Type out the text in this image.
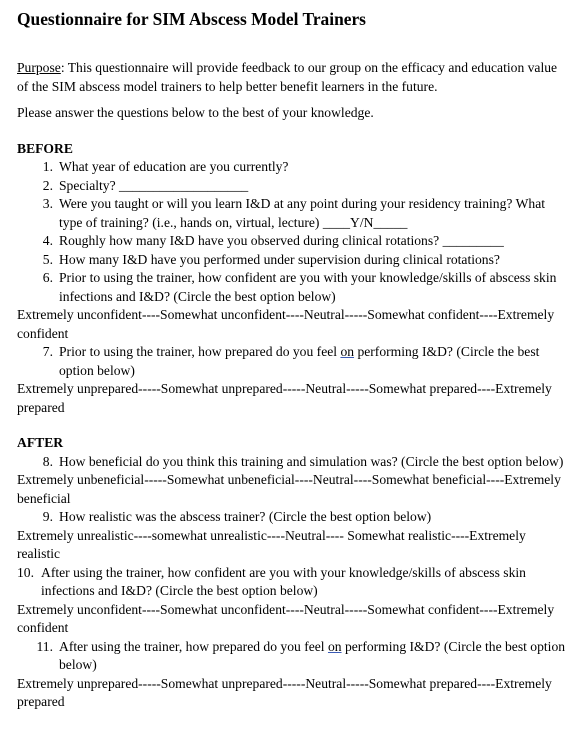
Questionnaire for SIM Abscess Model Trainers
Purpose: This questionnaire will provide feedback to our group on the efficacy and education value of the SIM abscess model trainers to help better benefit learners in the future.
Please answer the questions below to the best of your knowledge.
BEFORE
1. What year of education are you currently?
2. Specialty? ___________________
3. Were you taught or will you learn I&D at any point during your residency training? What type of training? (i.e., hands on, virtual, lecture) ____Y/N_____
4. Roughly how many I&D have you observed during clinical rotations? _________
5. How many I&D have you performed under supervision during clinical rotations?
6. Prior to using the trainer, how confident are you with your knowledge/skills of abscess skin infections and I&D? (Circle the best option below)
Extremely unconfident----Somewhat unconfident----Neutral-----Somewhat confident----Extremely confident
7. Prior to using the trainer, how prepared do you feel on performing I&D? (Circle the best option below)
Extremely unprepared-----Somewhat unprepared-----Neutral-----Somewhat prepared----Extremely prepared
AFTER
8. How beneficial do you think this training and simulation was? (Circle the best option below)
Extremely unbeneficial-----Somewhat unbeneficial----Neutral----Somewhat beneficial----Extremely beneficial
9. How realistic was the abscess trainer? (Circle the best option below)
Extremely unrealistic----somewhat unrealistic----Neutral---- Somewhat realistic----Extremely realistic
10. After using the trainer, how confident are you with your knowledge/skills of abscess skin infections and I&D? (Circle the best option below)
Extremely unconfident----Somewhat unconfident----Neutral-----Somewhat confident----Extremely confident
11. After using the trainer, how prepared do you feel on performing I&D? (Circle the best option below)
Extremely unprepared-----Somewhat unprepared-----Neutral-----Somewhat prepared----Extremely prepared
